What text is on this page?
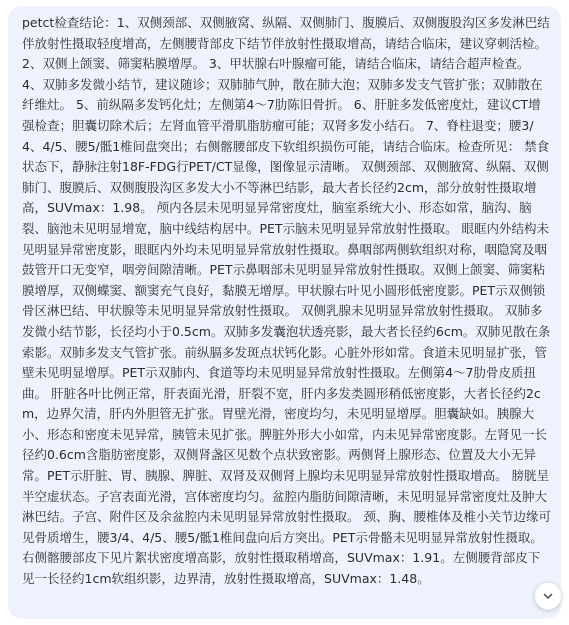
petct检查结论：1、双侧颈部、双侧腋窝、纵隔、双侧肺门、腹膜后、双侧腹股沟区多发淋巴结伴放射性摄取轻度增高，左侧腰背部皮下结节伴放射性摄取增高，请结合临床，建议穿刺活检。 2、双侧上颌窦、筛窦粘膜增厚。 3、甲状腺右叶腺瘤可能，请结合临床，请结合超声检查。 4、双肺多发微小结节，建议随诊；双肺肺气肿，散在肺大泡；双肺多发支气管扩张；双肺散在纤维灶。 5、前纵隔多发钙化灶；左侧第4～7肋陈旧骨折。 6、肝脏多发低密度灶，建议CT增强检查；胆囊切除术后；左肾血管平滑肌脂肪瘤可能；双肾多发小结石。 7、脊柱退变；腰3/4、4/5、腰5/骶1椎间盘突出；右侧髂腰部皮下软组织损伤可能，请结合临床。检查所见： 禁食状态下，静脉注射18F-FDG行PET/CT显像，图像显示清晰。 双侧颈部、双侧腋窝、纵隔、双侧肺门、腹膜后、双侧腹股沟区多发大小不等淋巴结影，最大者长径约2cm，部分放射性摄取增高，SUVmax：1.98。 颅内各层未见明显异常密度灶，脑室系统大小、形态如常，脑沟、脑裂、脑池未见明显增宽，脑中线结构居中。PET示脑未见明显异常放射性摄取。 眼眶内外结构未见明显异常密度影，眼眶内外均未见明显异常放射性摄取。鼻咽部两侧软组织对称，咽隐窝及咽鼓管开口无变窄，咽旁间隙清晰。PET示鼻咽部未见明显异常放射性摄取。双侧上颌窦、筛窦粘膜增厚，双侧蝶窦、额窦充气良好，黏膜无增厚。甲状腺右叶见小圆形低密度影。PET示双侧锁骨区淋巴结、甲状腺等未见明显异常放射性摄取。 双侧乳腺未见明显异常放射性摄取。 双肺多发微小结节影，长径均小于0.5cm。双肺多发囊泡状透亮影，最大者长径约6cm。双肺见散在条索影。双肺多发支气管扩张。前纵膈多发斑点状钙化影。心脏外形如常。食道未见明显扩张，管壁未见明显增厚。PET示双肺内、食道等均未见明显异常放射性摄取。左侧第4～7肋骨皮质扭曲。 肝脏各叶比例正常，肝表面光滑，肝裂不宽，肝内多发类圆形稍低密度影，大者长径约2cm，边界欠清，肝内外胆管无扩张。胃壁光滑，密度均匀，未见明显增厚。胆囊缺如。胰腺大小、形态和密度未见异常，胰管未见扩张。脾脏外形大小如常，内未见异常密度影。左肾见一长径约0.6cm含脂肪密度影，双侧肾盏区见数个点状致密影。两侧肾上腺形态、位置及大小无异常。PET示肝脏、胃、胰腺、脾脏、双肾及双侧肾上腺均未见明显异常放射性摄取增高。 膀胱呈半空虚状态。子宫表面光滑，宫体密度均匀。盆腔内脂肪间隙清晰，未见明显异常密度灶及肿大淋巴结。子宫、附件区及余盆腔内未见明显异常放射性摄取。 颈、胸、腰椎体及椎小关节边缘可见骨质增生，腰3/4、4/5、腰5/骶1椎间盘向后方突出。PET示骨骼未见明显异常放射性摄取。右侧髂腰部皮下见片絮状密度增高影，放射性摄取稍增高，SUVmax：1.91。左侧腰背部皮下见一长径约1cm软组织影，边界清，放射性摄取增高，SUVmax：1.48。
